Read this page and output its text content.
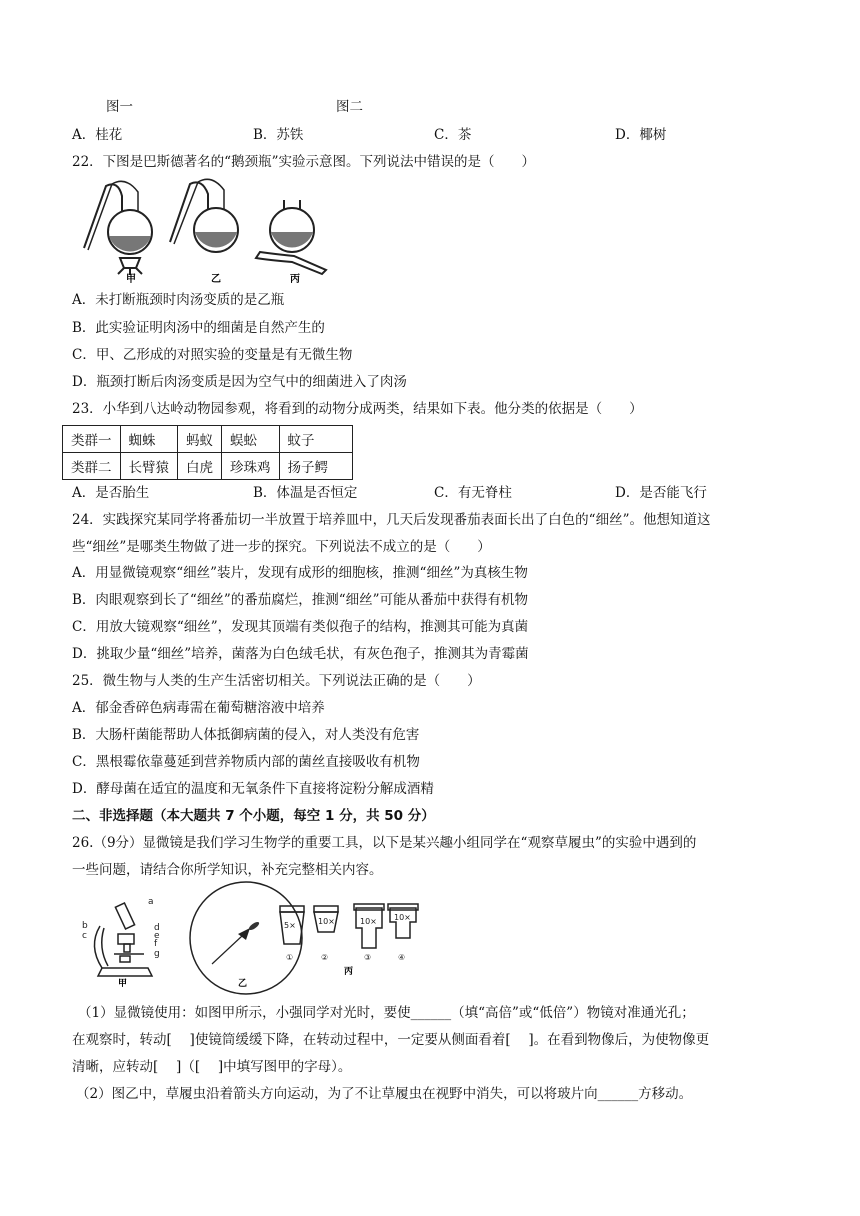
图一	图二
A．桂花	B．苏铁	C．茶	D．椰树
22．下图是巴斯德著名的“鹅颈瓶”实验示意图。下列说法中错误的是（　　）
甲	乙	丙
A．未打断瓶颈时肉汤变质的是乙瓶
B．此实验证明肉汤中的细菌是自然产生的
C．甲、乙形成的对照实验的变量是有无微生物
D．瓶颈打断后肉汤变质是因为空气中的细菌进入了肉汤
23．小华到八达岭动物园参观，将看到的动物分成两类，结果如下表。他分类的依据是（　　）
类群一	蜘蛛	蚂蚁	蜈蚣	蚊子
类群二	长臂猿	白虎	珍珠鸡	扬子鳄
A．是否胎生	B．体温是否恒定	C．有无脊柱	D．是否能飞行
24．实践探究某同学将番茄切一半放置于培养皿中，几天后发现番茄表面长出了白色的“细丝”。他想知道这
些“细丝”是哪类生物做了进一步的探究。下列说法不成立的是（　　）
A．用显微镜观察“细丝”装片，发现有成形的细胞核，推测“细丝”为真核生物
B．肉眼观察到长了“细丝”的番茄腐烂，推测“细丝”可能从番茄中获得有机物
C．用放大镜观察“细丝”，发现其顶端有类似孢子的结构，推测其可能为真菌
D．挑取少量“细丝”培养，菌落为白色绒毛状，有灰色孢子，推测其为青霉菌
25．微生物与人类的生产生活密切相关。下列说法正确的是（　　）
A．郁金香碎色病毒需在葡萄糖溶液中培养
B．大肠杆菌能帮助人体抵御病菌的侵入，对人类没有危害
C．黑根霉依靠蔓延到营养物质内部的菌丝直接吸收有机物
D．酵母菌在适宜的温度和无氧条件下直接将淀粉分解成酒精
二、非选择题（本大题共 7 个小题，每空 1 分，共 50 分）
26.（9分）显微镜是我们学习生物学的重要工具，以下是某兴趣小组同学在“观察草履虫”的实验中遇到的
一些问题，请结合你所学知识，补充完整相关内容。
a
b
c
d
e
f
g
甲	乙
5×	10×	10× 10×
①	②	③	④
丙
（1）显微镜使用：如图甲所示，小强同学对光时，要使______（填“高倍”或“低倍”）物镜对准通光孔；
在观察时，转动[　 ]使镜筒缓缓下降，在转动过程中，一定要从侧面看着[　 ]。在看到物像后，为使物像更
清晰，应转动[　 ]（[　 ]中填写图甲的字母）。
（2）图乙中，草履虫沿着箭头方向运动，为了不让草履虫在视野中消失，可以将玻片向______方移动。
